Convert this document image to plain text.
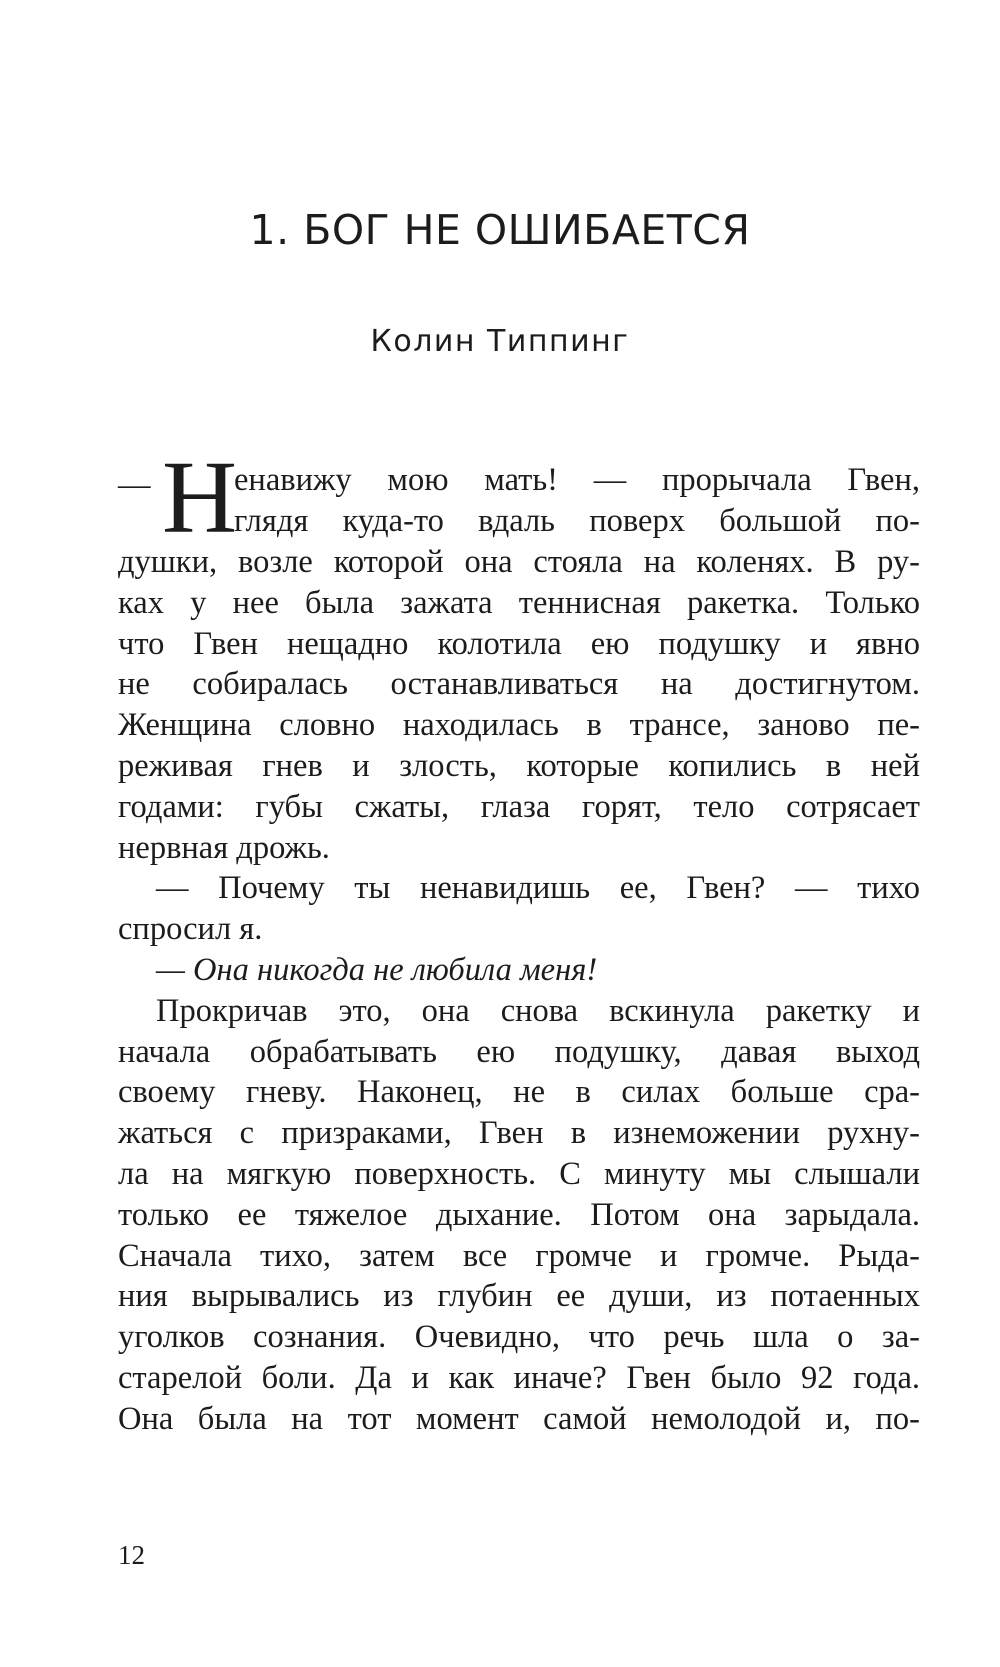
1. БОГ НЕ ОШИБАЕТСЯ
Колин Типпинг
— Н
енавижу мою мать! — прорычала Гвен,
глядя куда-то вдаль поверх большой по-
душки, возле которой она стояла на коленях. В ру-
ках у нее была зажата теннисная ракетка. Только
что Гвен нещадно колотила ею подушку и явно
не собиралась останавливаться на достигнутом.
Женщина словно находилась в трансе, заново пе-
реживая гнев и злость, которые копились в ней
годами: губы сжаты, глаза горят, тело сотрясает
нервная дрожь.
— Почему ты ненавидишь ее, Гвен? — тихо
спросил я.
— Она никогда не любила меня!
Прокричав это, она снова вскинула ракетку и
начала обрабатывать ею подушку, давая выход
своему гневу. Наконец, не в силах больше сра-
жаться с призраками, Гвен в изнеможении рухну-
ла на мягкую поверхность. С минуту мы слышали
только ее тяжелое дыхание. Потом она зарыдала.
Сначала тихо, затем все громче и громче. Рыда-
ния вырывались из глубин ее души, из потаенных
уголков сознания. Очевидно, что речь шла о за-
старелой боли. Да и как иначе? Гвен было 92 года.
Она была на тот момент самой немолодой и, по-
12
